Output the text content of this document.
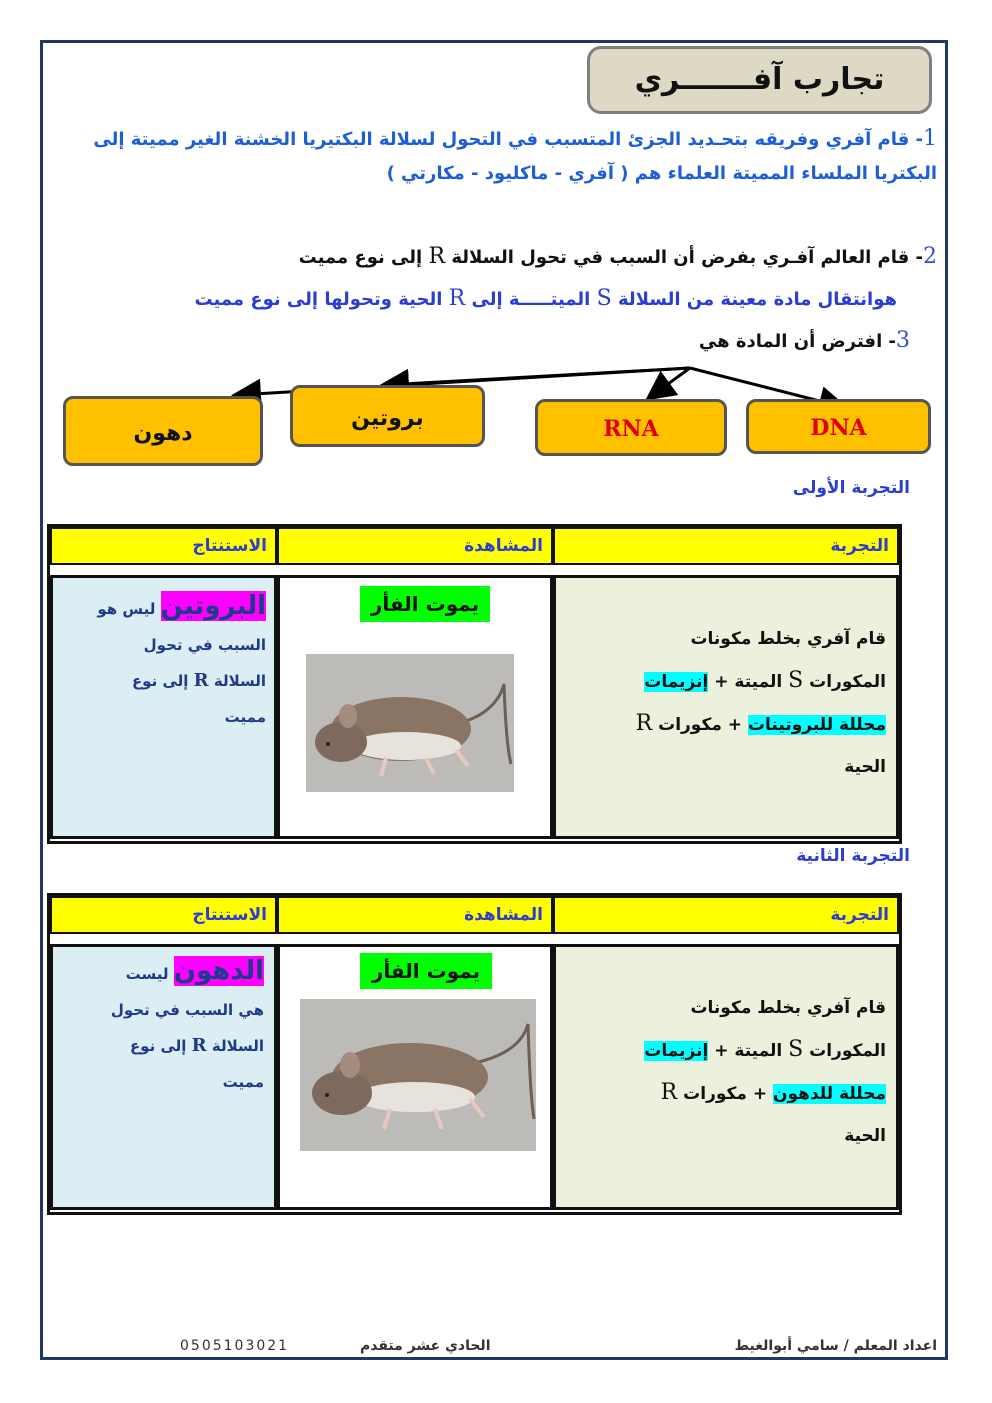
تجارب آفـــــــري
1- قام آفري وفريقه بتحـديد الجزئ المتسبب في التحول لسلالة البكتيريا الخشنة الغير مميتة إلى البكتريا الملساء المميتة العلماء هم ( آفري - ماكليود - مكارتي )
2- قام العالم آفـري بفرض أن السبب في تحول السلالة R إلى نوع مميت
هوانتقال مادة معينة من السلالة S الميتـــــة إلى R الحية وتحولها إلى نوع مميت
3- افترض أن المادة هي
DNA
RNA
بروتين
دهون
التجربة الأولى
التجربة
المشاهدة
الاستنتاج
قام آفري بخلط مكونات
المكورات S الميتة + إنزيمات
محللة للبروتينات + مكورات R
الحية
يموت الفأر
البروتين ليس هو
السبب في تحول
السلالة R إلى نوع
مميت
التجربة الثانية
التجربة
المشاهدة
الاستنتاج
قام آفري بخلط مكونات
المكورات S الميتة + إنزيمات
محللة للدهون + مكورات R
الحية
يموت الفأر
الدهون ليست
هي السبب في تحول
السلالة R إلى نوع
مميت
اعداد المعلم / سامي أبوالغيط
الحادي عشر متقدم
0505103021
